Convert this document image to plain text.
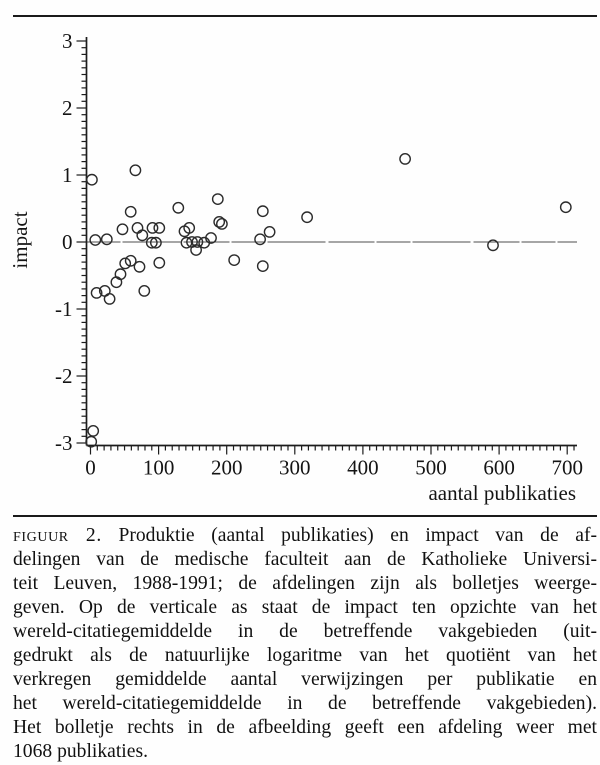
-3
-2
-1
0
1
2
3
0 100 200 300 400 500 600 700
impact
aantal publikaties
figuur 2. Produktie (aantal publikaties) en impact van de af-
delingen van de medische faculteit aan de Katholieke Universi-
teit Leuven, 1988-1991; de afdelingen zijn als bolletjes weerge-
geven. Op de verticale as staat de impact ten opzichte van het
wereld-citatiegemiddelde in de betreffende vakgebieden (uit-
gedrukt als de natuurlijke logaritme van het quotiënt van het
verkregen gemiddelde aantal verwijzingen per publikatie en
het wereld-citatiegemiddelde in de betreffende vakgebieden).
Het bolletje rechts in de afbeelding geeft een afdeling weer met
1068 publikaties.
